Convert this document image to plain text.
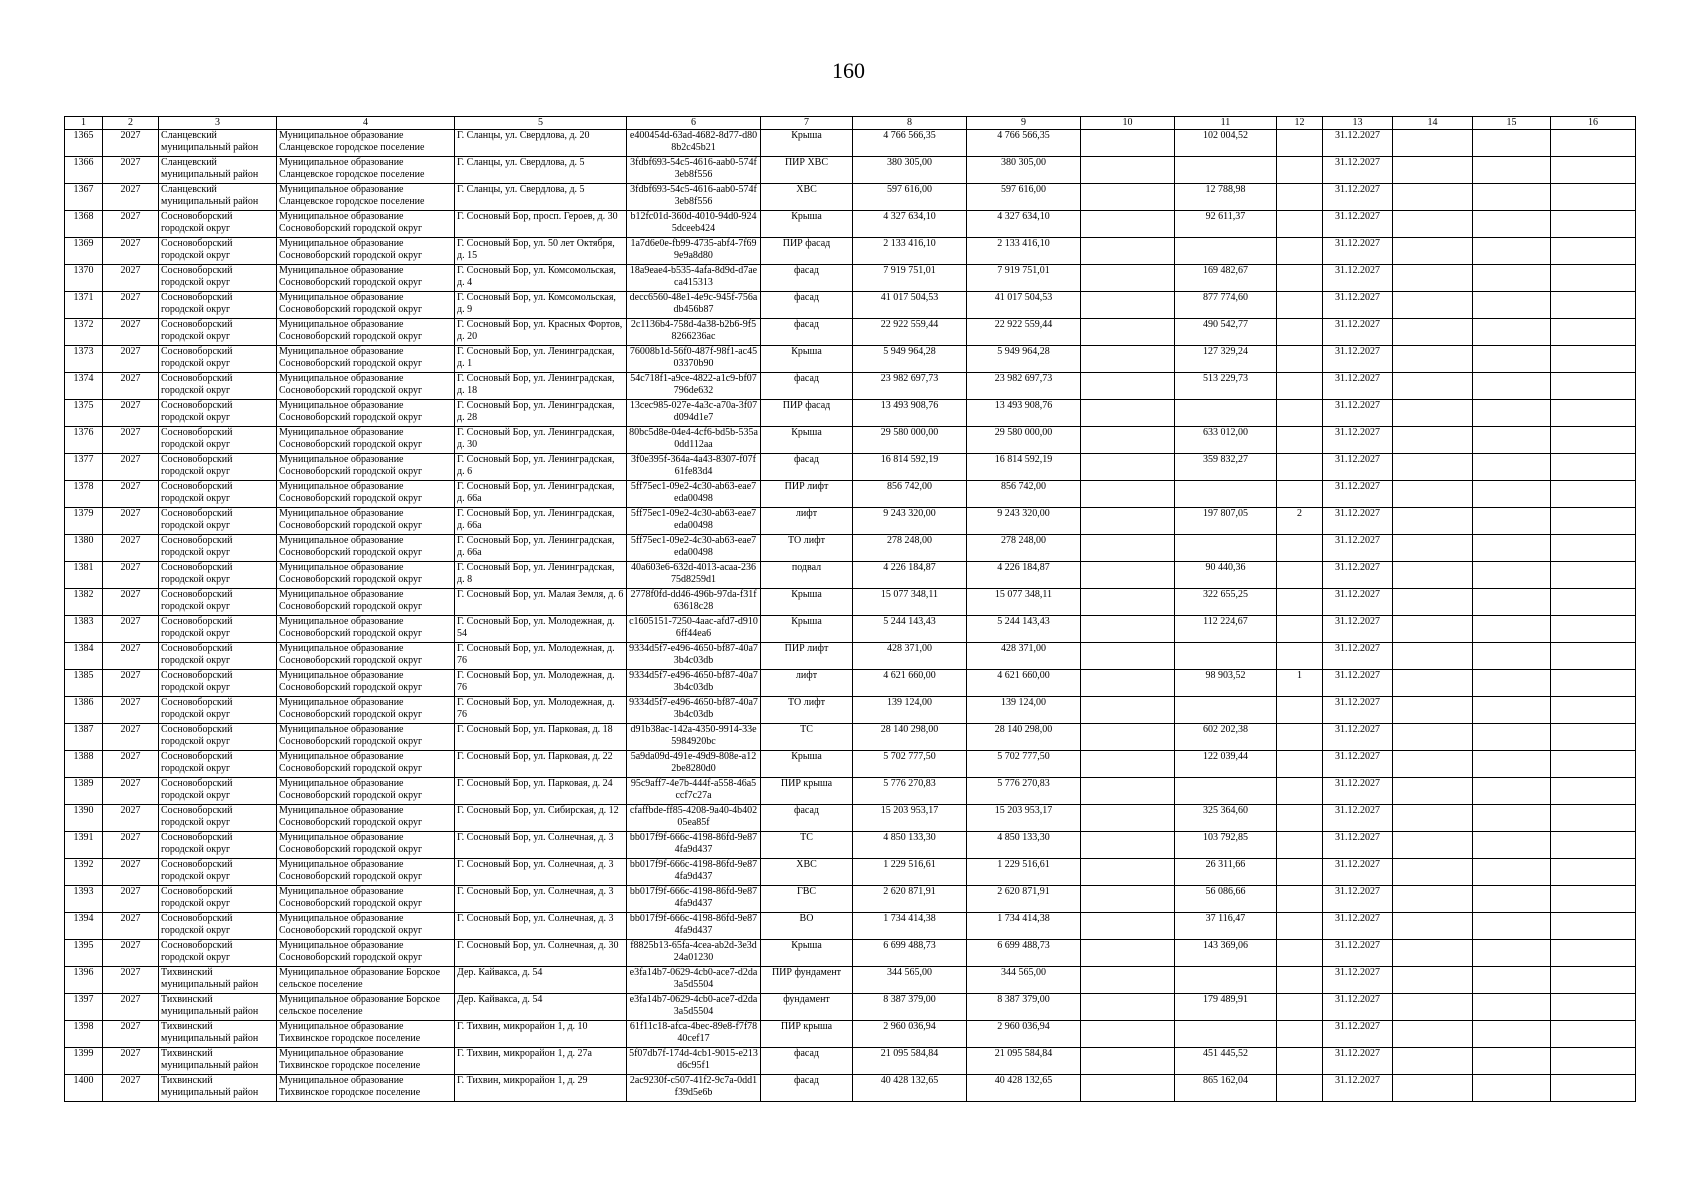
160
1	2	3	4	5	6	7	8	9	10	11	12	13	14	15	16
1365	2027	Сланцевский муниципальный район	Муниципальное образование Сланцевское городское поселение	Г. Сланцы, ул. Свердлова, д. 20	e400454d-63ad-4682-8d77-d808b2c45b21	Крыша	4 766 566,35	4 766 566,35		102 004,52		31.12.2027			
1366	2027	Сланцевский муниципальный район	Муниципальное образование Сланцевское городское поселение	Г. Сланцы, ул. Свердлова, д. 5	3fdbf693-54c5-4616-aab0-574f3eb8f556	ПИР ХВС	380 305,00	380 305,00				31.12.2027			
1367	2027	Сланцевский муниципальный район	Муниципальное образование Сланцевское городское поселение	Г. Сланцы, ул. Свердлова, д. 5	3fdbf693-54c5-4616-aab0-574f3eb8f556	ХВС	597 616,00	597 616,00		12 788,98		31.12.2027			
1368	2027	Сосновоборский городской округ	Муниципальное образование Сосновоборский городской округ	Г. Сосновый Бор, просп. Героев, д. 30	b12fc01d-360d-4010-94d0-9245dceeb424	Крыша	4 327 634,10	4 327 634,10		92 611,37		31.12.2027			
1369	2027	Сосновоборский городской округ	Муниципальное образование Сосновоборский городской округ	Г. Сосновый Бор, ул. 50 лет Октября, д. 15	1a7d6e0e-fb99-4735-abf4-7f699e9a8d80	ПИР фасад	2 133 416,10	2 133 416,10				31.12.2027			
1370	2027	Сосновоборский городской округ	Муниципальное образование Сосновоборский городской округ	Г. Сосновый Бор, ул. Комсомольская, д. 4	18a9eae4-b535-4afa-8d9d-d7aeca415313	фасад	7 919 751,01	7 919 751,01		169 482,67		31.12.2027			
1371	2027	Сосновоборский городской округ	Муниципальное образование Сосновоборский городской округ	Г. Сосновый Бор, ул. Комсомольская, д. 9	decc6560-48e1-4e9c-945f-756adb456b87	фасад	41 017 504,53	41 017 504,53		877 774,60		31.12.2027			
1372	2027	Сосновоборский городской округ	Муниципальное образование Сосновоборский городской округ	Г. Сосновый Бор, ул. Красных Фортов, д. 20	2c1136b4-758d-4a38-b2b6-9f58266236ac	фасад	22 922 559,44	22 922 559,44		490 542,77		31.12.2027			
1373	2027	Сосновоборский городской округ	Муниципальное образование Сосновоборский городской округ	Г. Сосновый Бор, ул. Ленинградская, д. 1	76008b1d-56f0-487f-98f1-ac4503370b90	Крыша	5 949 964,28	5 949 964,28		127 329,24		31.12.2027			
1374	2027	Сосновоборский городской округ	Муниципальное образование Сосновоборский городской округ	Г. Сосновый Бор, ул. Ленинградская, д. 18	54c718f1-a9ce-4822-a1c9-bf07796de632	фасад	23 982 697,73	23 982 697,73		513 229,73		31.12.2027			
1375	2027	Сосновоборский городской округ	Муниципальное образование Сосновоборский городской округ	Г. Сосновый Бор, ул. Ленинградская, д. 28	13cec985-027e-4a3c-a70a-3f07d094d1e7	ПИР фасад	13 493 908,76	13 493 908,76				31.12.2027			
1376	2027	Сосновоборский городской округ	Муниципальное образование Сосновоборский городской округ	Г. Сосновый Бор, ул. Ленинградская, д. 30	80bc5d8e-04e4-4cf6-bd5b-535a0dd112aa	Крыша	29 580 000,00	29 580 000,00		633 012,00		31.12.2027			
1377	2027	Сосновоборский городской округ	Муниципальное образование Сосновоборский городской округ	Г. Сосновый Бор, ул. Ленинградская, д. 6	3f0e395f-364a-4a43-8307-f07f61fe83d4	фасад	16 814 592,19	16 814 592,19		359 832,27		31.12.2027			
1378	2027	Сосновоборский городской округ	Муниципальное образование Сосновоборский городской округ	Г. Сосновый Бор, ул. Ленинградская, д. 66а	5ff75ec1-09e2-4c30-ab63-eae7eda00498	ПИР лифт	856 742,00	856 742,00				31.12.2027			
1379	2027	Сосновоборский городской округ	Муниципальное образование Сосновоборский городской округ	Г. Сосновый Бор, ул. Ленинградская, д. 66а	5ff75ec1-09e2-4c30-ab63-eae7eda00498	лифт	9 243 320,00	9 243 320,00		197 807,05	2	31.12.2027			
1380	2027	Сосновоборский городской округ	Муниципальное образование Сосновоборский городской округ	Г. Сосновый Бор, ул. Ленинградская, д. 66а	5ff75ec1-09e2-4c30-ab63-eae7eda00498	ТО лифт	278 248,00	278 248,00				31.12.2027			
1381	2027	Сосновоборский городской округ	Муниципальное образование Сосновоборский городской округ	Г. Сосновый Бор, ул. Ленинградская, д. 8	40a603e6-632d-4013-acaa-23675d8259d1	подвал	4 226 184,87	4 226 184,87		90 440,36		31.12.2027			
1382	2027	Сосновоборский городской округ	Муниципальное образование Сосновоборский городской округ	Г. Сосновый Бор, ул. Малая Земля, д. 6	2778f0fd-dd46-496b-97da-f31f63618c28	Крыша	15 077 348,11	15 077 348,11		322 655,25		31.12.2027			
1383	2027	Сосновоборский городской округ	Муниципальное образование Сосновоборский городской округ	Г. Сосновый Бор, ул. Молодежная, д. 54	c1605151-7250-4aac-afd7-d9106ff44ea6	Крыша	5 244 143,43	5 244 143,43		112 224,67		31.12.2027			
1384	2027	Сосновоборский городской округ	Муниципальное образование Сосновоборский городской округ	Г. Сосновый Бор, ул. Молодежная, д. 76	9334d5f7-e496-4650-bf87-40a73b4c03db	ПИР лифт	428 371,00	428 371,00				31.12.2027			
1385	2027	Сосновоборский городской округ	Муниципальное образование Сосновоборский городской округ	Г. Сосновый Бор, ул. Молодежная, д. 76	9334d5f7-e496-4650-bf87-40a73b4c03db	лифт	4 621 660,00	4 621 660,00		98 903,52	1	31.12.2027			
1386	2027	Сосновоборский городской округ	Муниципальное образование Сосновоборский городской округ	Г. Сосновый Бор, ул. Молодежная, д. 76	9334d5f7-e496-4650-bf87-40a73b4c03db	ТО лифт	139 124,00	139 124,00				31.12.2027			
1387	2027	Сосновоборский городской округ	Муниципальное образование Сосновоборский городской округ	Г. Сосновый Бор, ул. Парковая, д. 18	d91b38ac-142a-4350-9914-33e5984920bc	ТС	28 140 298,00	28 140 298,00		602 202,38		31.12.2027			
1388	2027	Сосновоборский городской округ	Муниципальное образование Сосновоборский городской округ	Г. Сосновый Бор, ул. Парковая, д. 22	5a9da09d-491e-49d9-808e-a122be8280d0	Крыша	5 702 777,50	5 702 777,50		122 039,44		31.12.2027			
1389	2027	Сосновоборский городской округ	Муниципальное образование Сосновоборский городской округ	Г. Сосновый Бор, ул. Парковая, д. 24	95c9aff7-4e7b-444f-a558-46a5ccf7c27a	ПИР крыша	5 776 270,83	5 776 270,83				31.12.2027			
1390	2027	Сосновоборский городской округ	Муниципальное образование Сосновоборский городской округ	Г. Сосновый Бор, ул. Сибирская, д. 12	cfaffbde-ff85-4208-9a40-4b40205ea85f	фасад	15 203 953,17	15 203 953,17		325 364,60		31.12.2027			
1391	2027	Сосновоборский городской округ	Муниципальное образование Сосновоборский городской округ	Г. Сосновый Бор, ул. Солнечная, д. 3	bb017f9f-666c-4198-86fd-9e874fa9d437	ТС	4 850 133,30	4 850 133,30		103 792,85		31.12.2027			
1392	2027	Сосновоборский городской округ	Муниципальное образование Сосновоборский городской округ	Г. Сосновый Бор, ул. Солнечная, д. 3	bb017f9f-666c-4198-86fd-9e874fa9d437	ХВС	1 229 516,61	1 229 516,61		26 311,66		31.12.2027			
1393	2027	Сосновоборский городской округ	Муниципальное образование Сосновоборский городской округ	Г. Сосновый Бор, ул. Солнечная, д. 3	bb017f9f-666c-4198-86fd-9e874fa9d437	ГВС	2 620 871,91	2 620 871,91		56 086,66		31.12.2027			
1394	2027	Сосновоборский городской округ	Муниципальное образование Сосновоборский городской округ	Г. Сосновый Бор, ул. Солнечная, д. 3	bb017f9f-666c-4198-86fd-9e874fa9d437	ВО	1 734 414,38	1 734 414,38		37 116,47		31.12.2027			
1395	2027	Сосновоборский городской округ	Муниципальное образование Сосновоборский городской округ	Г. Сосновый Бор, ул. Солнечная, д. 30	f8825b13-65fa-4cea-ab2d-3e3d24a01230	Крыша	6 699 488,73	6 699 488,73		143 369,06		31.12.2027			
1396	2027	Тихвинский муниципальный район	Муниципальное образование Борское сельское поселение	Дер. Кайвакса, д. 54	e3fa14b7-0629-4cb0-ace7-d2da3a5d5504	ПИР фундамент	344 565,00	344 565,00				31.12.2027			
1397	2027	Тихвинский муниципальный район	Муниципальное образование Борское сельское поселение	Дер. Кайвакса, д. 54	e3fa14b7-0629-4cb0-ace7-d2da3a5d5504	фундамент	8 387 379,00	8 387 379,00		179 489,91		31.12.2027			
1398	2027	Тихвинский муниципальный район	Муниципальное образование Тихвинское городское поселение	Г. Тихвин, микрорайон 1, д. 10	61f11c18-afca-4bec-89e8-f7f7840cef17	ПИР крыша	2 960 036,94	2 960 036,94				31.12.2027			
1399	2027	Тихвинский муниципальный район	Муниципальное образование Тихвинское городское поселение	Г. Тихвин, микрорайон 1, д. 27а	5f07db7f-174d-4cb1-9015-e213d6c95f1	фасад	21 095 584,84	21 095 584,84		451 445,52		31.12.2027			
1400	2027	Тихвинский муниципальный район	Муниципальное образование Тихвинское городское поселение	Г. Тихвин, микрорайон 1, д. 29	2ac9230f-c507-41f2-9c7a-0dd1f39d5e6b	фасад	40 428 132,65	40 428 132,65		865 162,04		31.12.2027			
